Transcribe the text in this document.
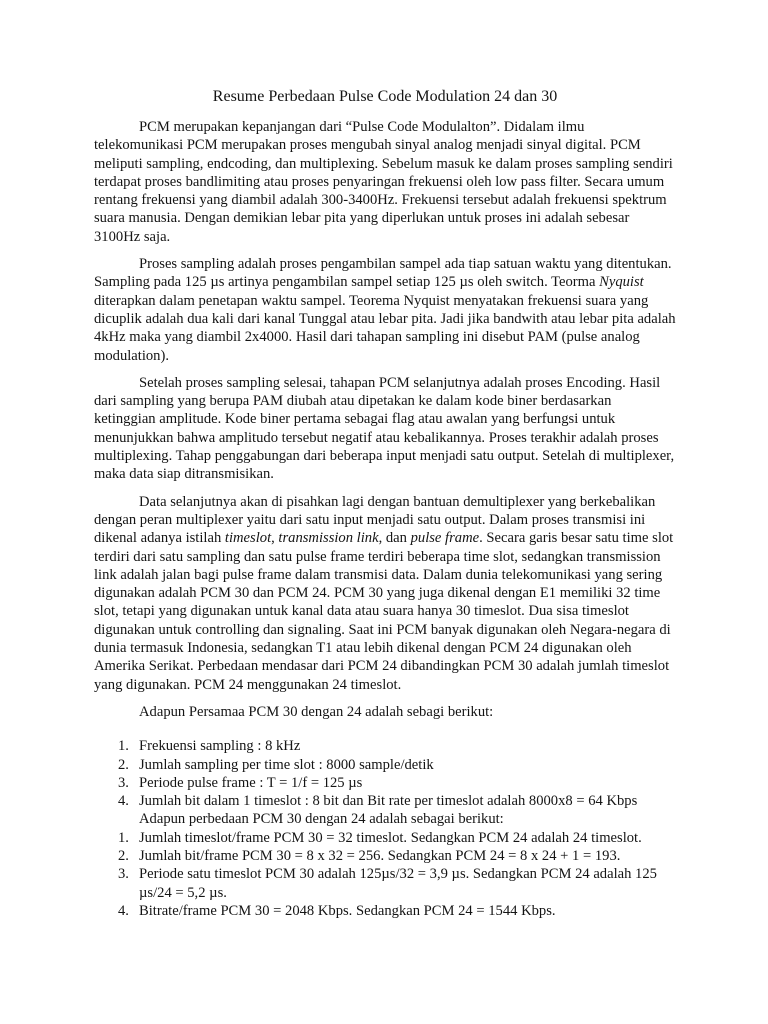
Resume Perbedaan Pulse Code Modulation 24 dan 30

PCM merupakan kepanjangan dari “Pulse Code Modulalton”. Didalam ilmu telekomunikasi PCM merupakan proses mengubah sinyal analog menjadi sinyal digital. PCM meliputi sampling, endcoding, dan multiplexing. Sebelum masuk ke dalam proses sampling sendiri terdapat proses bandlimiting atau proses penyaringan frekuensi oleh low pass filter. Secara umum rentang frekuensi yang diambil adalah 300-3400Hz. Frekuensi tersebut adalah frekuensi spektrum suara manusia. Dengan demikian lebar pita yang diperlukan untuk proses ini adalah sebesar 3100Hz saja.

Proses sampling adalah proses pengambilan sampel ada tiap satuan waktu yang ditentukan. Sampling pada 125 µs artinya pengambilan sampel setiap 125 µs oleh switch. Teorma Nyquist diterapkan dalam penetapan waktu sampel. Teorema Nyquist menyatakan frekuensi suara yang dicuplik adalah dua kali dari kanal Tunggal atau lebar pita. Jadi jika bandwith atau lebar pita adalah 4kHz maka yang diambil 2x4000. Hasil dari tahapan sampling ini disebut PAM (pulse analog modulation).

Setelah proses sampling selesai, tahapan PCM selanjutnya adalah proses Encoding. Hasil dari sampling yang berupa PAM diubah atau dipetakan ke dalam kode biner berdasarkan ketinggian amplitude. Kode biner pertama sebagai flag atau awalan yang berfungsi untuk menunjukkan bahwa amplitudo tersebut negatif atau kebalikannya. Proses terakhir adalah proses multiplexing. Tahap penggabungan dari beberapa input menjadi satu output. Setelah di multiplexer, maka data siap ditransmisikan.

Data selanjutnya akan di pisahkan lagi dengan bantuan demultiplexer yang berkebalikan dengan peran multiplexer yaitu dari satu input menjadi satu output. Dalam proses transmisi ini dikenal adanya istilah timeslot, transmission link, dan pulse frame. Secara garis besar satu time slot terdiri dari satu sampling dan satu pulse frame terdiri beberapa time slot, sedangkan transmission link adalah jalan bagi pulse frame dalam transmisi data. Dalam dunia telekomunikasi yang sering digunakan adalah PCM 30 dan PCM 24. PCM 30 yang juga dikenal dengan E1 memiliki 32 time slot, tetapi yang digunakan untuk kanal data atau suara hanya 30 timeslot. Dua sisa timeslot digunakan untuk controlling dan signaling. Saat ini PCM banyak digunakan oleh Negara-negara di dunia termasuk Indonesia, sedangkan T1 atau lebih dikenal dengan PCM 24 digunakan oleh Amerika Serikat. Perbedaan mendasar dari PCM 24 dibandingkan PCM 30 adalah jumlah timeslot yang digunakan. PCM 24 menggunakan 24 timeslot.

Adapun Persamaa PCM 30 dengan 24 adalah sebagi berikut:

1. Frekuensi sampling : 8 kHz
2. Jumlah sampling per time slot : 8000 sample/detik
3. Periode pulse frame : T = 1/f = 125 µs
4. Jumlah bit dalam 1 timeslot : 8 bit dan Bit rate per timeslot adalah 8000x8 = 64 Kbps

Adapun perbedaan PCM 30 dengan 24 adalah sebagai berikut:

1. Jumlah timeslot/frame PCM 30 = 32 timeslot. Sedangkan PCM 24 adalah 24 timeslot.
2. Jumlah bit/frame PCM 30 = 8 x 32 = 256. Sedangkan PCM 24 = 8 x 24 + 1 = 193.
3. Periode satu timeslot PCM 30 adalah 125µs/32 = 3,9 µs. Sedangkan PCM 24 adalah 125 µs/24 = 5,2 µs.
4. Bitrate/frame PCM 30 = 2048 Kbps. Sedangkan PCM 24 = 1544 Kbps.
